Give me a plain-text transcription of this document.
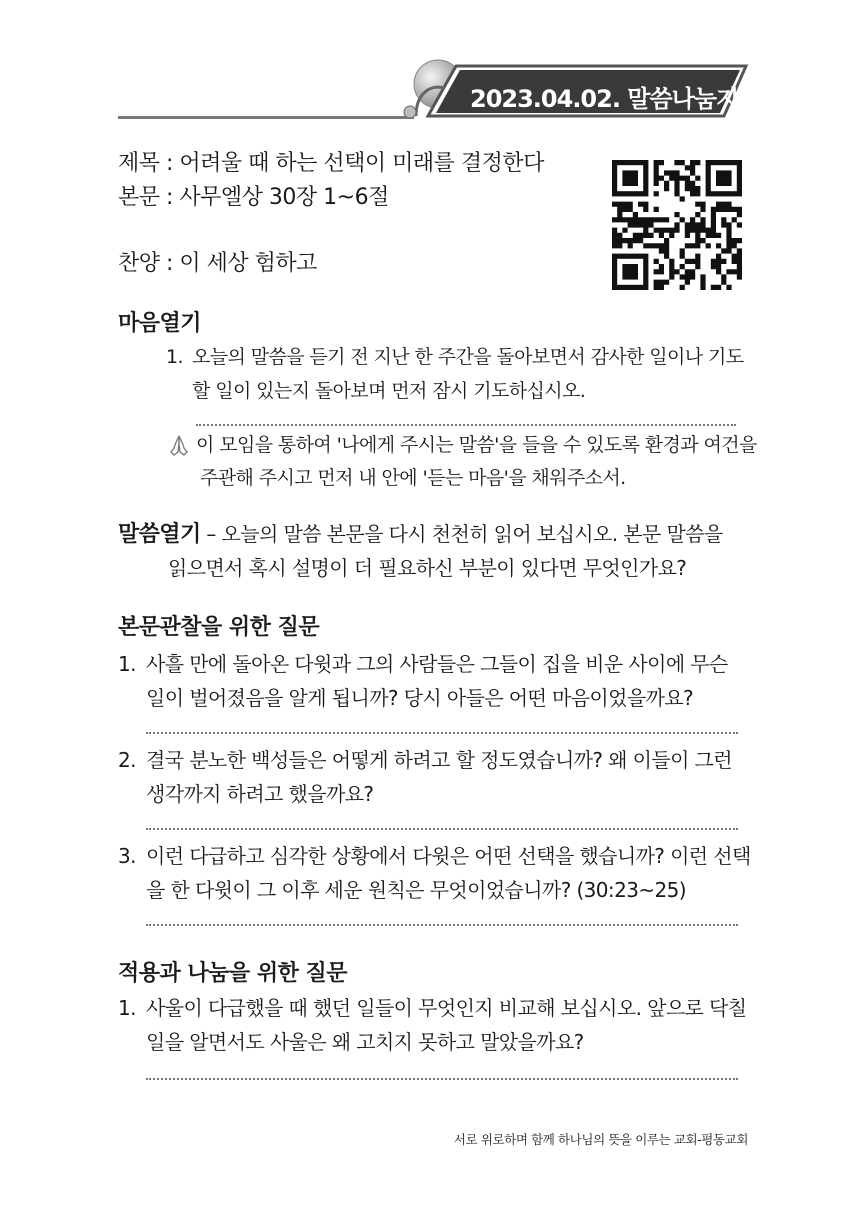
2023.04.02. 말씀나눔지
제목 : 어려울 때 하는 선택이 미래를 결정한다
본문 : 사무엘상 30장 1~6절
찬양 : 이 세상 험하고
마음열기
1. 오늘의 말씀을 듣기 전 지난 한 주간을 돌아보면서 감사한 일이나 기도
할 일이 있는지 돌아보며 먼저 잠시 기도하십시오.
이 모임을 통하여 '나에게 주시는 말씀'을 들을 수 있도록 환경과 여건을
주관해 주시고 먼저 내 안에 '듣는 마음'을 채워주소서.
말씀열기 – 오늘의 말씀 본문을 다시 천천히 읽어 보십시오. 본문 말씀을
읽으면서 혹시 설명이 더 필요하신 부분이 있다면 무엇인가요?
본문관찰을 위한 질문
1. 사흘 만에 돌아온 다윗과 그의 사람들은 그들이 집을 비운 사이에 무슨
일이 벌어졌음을 알게 됩니까? 당시 아들은 어떤 마음이었을까요?
2. 결국 분노한 백성들은 어떻게 하려고 할 정도였습니까? 왜 이들이 그런
생각까지 하려고 했을까요?
3. 이런 다급하고 심각한 상황에서 다윗은 어떤 선택을 했습니까? 이런 선택
을 한 다윗이 그 이후 세운 원칙은 무엇이었습니까? (30:23~25)
적용과 나눔을 위한 질문
1. 사울이 다급했을 때 했던 일들이 무엇인지 비교해 보십시오. 앞으로 닥칠
일을 알면서도 사울은 왜 고치지 못하고 말았을까요?
서로 위로하며 함께 하나님의 뜻을 이루는 교회-평동교회
